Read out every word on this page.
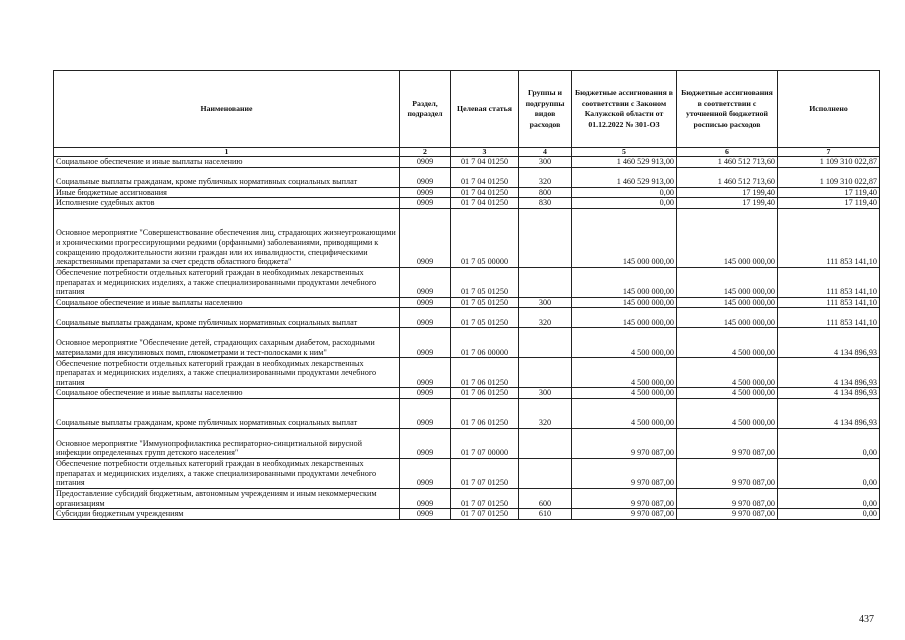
Наименование	Раздел, подраздел	Целевая статья	Группы и подгруппы видов расходов	Бюджетные ассигнования в соответствии с Законом Калужской области от 01.12.2022 № 301-ОЗ	Бюджетные ассигнования в соответствии с уточненной бюджетной росписью расходов	Исполнено
1	2	3	4	5	6	7
Социальное обеспечение и иные выплаты населению	0909	01 7 04 01250	300	1 460 529 913,00	1 460 512 713,60	1 109 310 022,87
Социальные выплаты гражданам, кроме публичных нормативных социальных выплат	0909	01 7 04 01250	320	1 460 529 913,00	1 460 512 713,60	1 109 310 022,87
Иные бюджетные ассигнования	0909	01 7 04 01250	800	0,00	17 199,40	17 119,40
Исполнение судебных актов	0909	01 7 04 01250	830	0,00	17 199,40	17 119,40
Основное мероприятие "Совершенствование обеспечения лиц, страдающих жизнеугрожающими и хроническими прогрессирующими редкими (орфанными) заболеваниями, приводящими к сокращению продолжительности жизни граждан или их инвалидности, специфическими лекарственными препаратами за счет средств областного бюджета"	0909	01 7 05 00000		145 000 000,00	145 000 000,00	111 853 141,10
Обеспечение потребности отдельных категорий граждан в необходимых лекарственных препаратах и медицинских изделиях, а также специализированными продуктами лечебного питания	0909	01 7 05 01250		145 000 000,00	145 000 000,00	111 853 141,10
Социальное обеспечение и иные выплаты населению	0909	01 7 05 01250	300	145 000 000,00	145 000 000,00	111 853 141,10
Социальные выплаты гражданам, кроме публичных нормативных социальных выплат	0909	01 7 05 01250	320	145 000 000,00	145 000 000,00	111 853 141,10
Основное мероприятие "Обеспечение детей, страдающих сахарным диабетом, расходными материалами для инсулиновых помп, глюкометрами и тест-полосками к ним"	0909	01 7 06 00000		4 500 000,00	4 500 000,00	4 134 896,93
Обеспечение потребности отдельных категорий граждан в необходимых лекарственных препаратах и медицинских изделиях, а также специализированными продуктами лечебного питания	0909	01 7 06 01250		4 500 000,00	4 500 000,00	4 134 896,93
Социальное обеспечение и иные выплаты населению	0909	01 7 06 01250	300	4 500 000,00	4 500 000,00	4 134 896,93
Социальные выплаты гражданам, кроме публичных нормативных социальных выплат	0909	01 7 06 01250	320	4 500 000,00	4 500 000,00	4 134 896,93
Основное мероприятие "Иммунопрофилактика респираторно-синцитиальной вирусной инфекции определенных групп детского населения"	0909	01 7 07 00000		9 970 087,00	9 970 087,00	0,00
Обеспечение потребности отдельных категорий граждан в необходимых лекарственных препаратах и медицинских изделиях, а также специализированными продуктами лечебного питания	0909	01 7 07 01250		9 970 087,00	9 970 087,00	0,00
Предоставление субсидий бюджетным, автономным учреждениям и иным некоммерческим организациям	0909	01 7 07 01250	600	9 970 087,00	9 970 087,00	0,00
Субсидии бюджетным учреждениям	0909	01 7 07 01250	610	9 970 087,00	9 970 087,00	0,00
437
